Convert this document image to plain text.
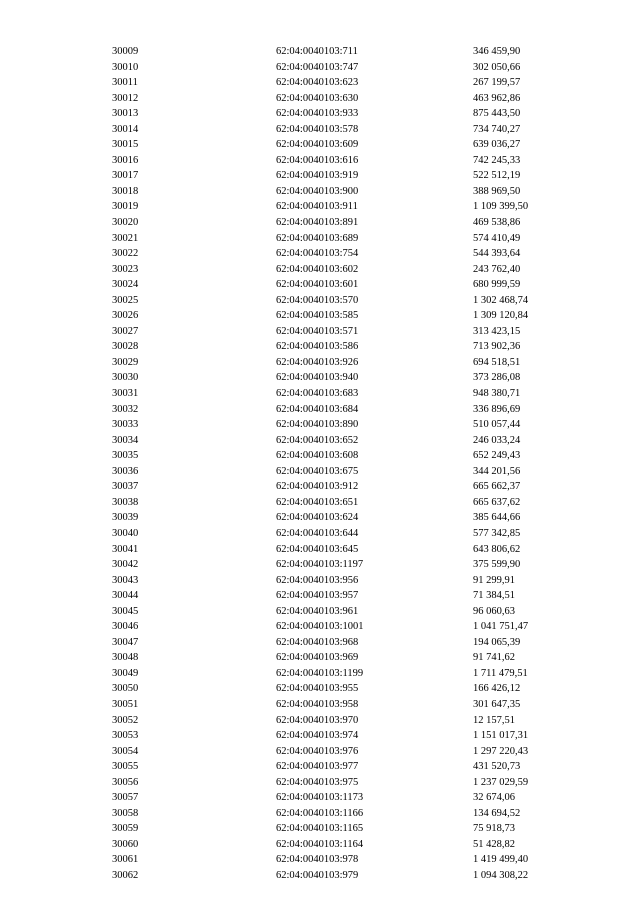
30009	62:04:0040103:711	346 459,90
30010	62:04:0040103:747	302 050,66
30011	62:04:0040103:623	267 199,57
30012	62:04:0040103:630	463 962,86
30013	62:04:0040103:933	875 443,50
30014	62:04:0040103:578	734 740,27
30015	62:04:0040103:609	639 036,27
30016	62:04:0040103:616	742 245,33
30017	62:04:0040103:919	522 512,19
30018	62:04:0040103:900	388 969,50
30019	62:04:0040103:911	1 109 399,50
30020	62:04:0040103:891	469 538,86
30021	62:04:0040103:689	574 410,49
30022	62:04:0040103:754	544 393,64
30023	62:04:0040103:602	243 762,40
30024	62:04:0040103:601	680 999,59
30025	62:04:0040103:570	1 302 468,74
30026	62:04:0040103:585	1 309 120,84
30027	62:04:0040103:571	313 423,15
30028	62:04:0040103:586	713 902,36
30029	62:04:0040103:926	694 518,51
30030	62:04:0040103:940	373 286,08
30031	62:04:0040103:683	948 380,71
30032	62:04:0040103:684	336 896,69
30033	62:04:0040103:890	510 057,44
30034	62:04:0040103:652	246 033,24
30035	62:04:0040103:608	652 249,43
30036	62:04:0040103:675	344 201,56
30037	62:04:0040103:912	665 662,37
30038	62:04:0040103:651	665 637,62
30039	62:04:0040103:624	385 644,66
30040	62:04:0040103:644	577 342,85
30041	62:04:0040103:645	643 806,62
30042	62:04:0040103:1197	375 599,90
30043	62:04:0040103:956	91 299,91
30044	62:04:0040103:957	71 384,51
30045	62:04:0040103:961	96 060,63
30046	62:04:0040103:1001	1 041 751,47
30047	62:04:0040103:968	194 065,39
30048	62:04:0040103:969	91 741,62
30049	62:04:0040103:1199	1 711 479,51
30050	62:04:0040103:955	166 426,12
30051	62:04:0040103:958	301 647,35
30052	62:04:0040103:970	12 157,51
30053	62:04:0040103:974	1 151 017,31
30054	62:04:0040103:976	1 297 220,43
30055	62:04:0040103:977	431 520,73
30056	62:04:0040103:975	1 237 029,59
30057	62:04:0040103:1173	32 674,06
30058	62:04:0040103:1166	134 694,52
30059	62:04:0040103:1165	75 918,73
30060	62:04:0040103:1164	51 428,82
30061	62:04:0040103:978	1 419 499,40
30062	62:04:0040103:979	1 094 308,22
